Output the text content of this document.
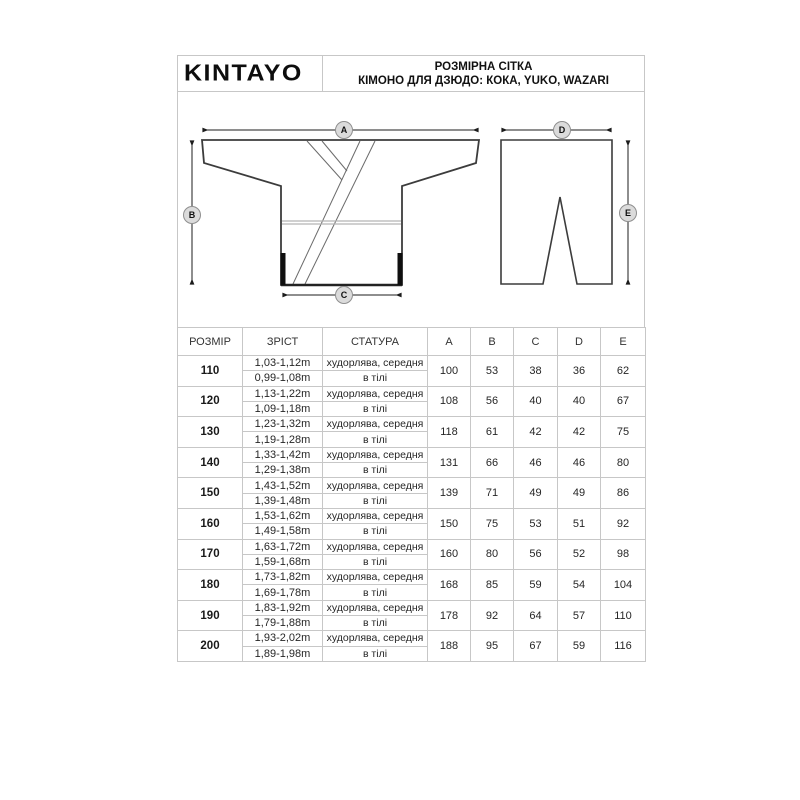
KINTAYO	РОЗМІРНА СІТКА
КІМОНО ДЛЯ ДЗЮДО: КОКА, YUKO, WAZARI
A
B
C
D
E
РОЗМІР	ЗРІСТ	СТАТУРА	A	B	C	D	E
110	1,03-1,12m	худорлява, середня	100	53	38	36	62
	0,99-1,08m	в тілі					
120	1,13-1,22m	худорлява, середня	108	56	40	40	67
	1,09-1,18m	в тілі					
130	1,23-1,32m	худорлява, середня	118	61	42	42	75
	1,19-1,28m	в тілі					
140	1,33-1,42m	худорлява, середня	131	66	46	46	80
	1,29-1,38m	в тілі					
150	1,43-1,52m	худорлява, середня	139	71	49	49	86
	1,39-1,48m	в тілі					
160	1,53-1,62m	худорлява, середня	150	75	53	51	92
	1,49-1,58m	в тілі					
170	1,63-1,72m	худорлява, середня	160	80	56	52	98
	1,59-1,68m	в тілі					
180	1,73-1,82m	худорлява, середня	168	85	59	54	104
	1,69-1,78m	в тілі					
190	1,83-1,92m	худорлява, середня	178	92	64	57	110
	1,79-1,88m	в тілі					
200	1,93-2,02m	худорлява, середня	188	95	67	59	116
	1,89-1,98m	в тілі					
